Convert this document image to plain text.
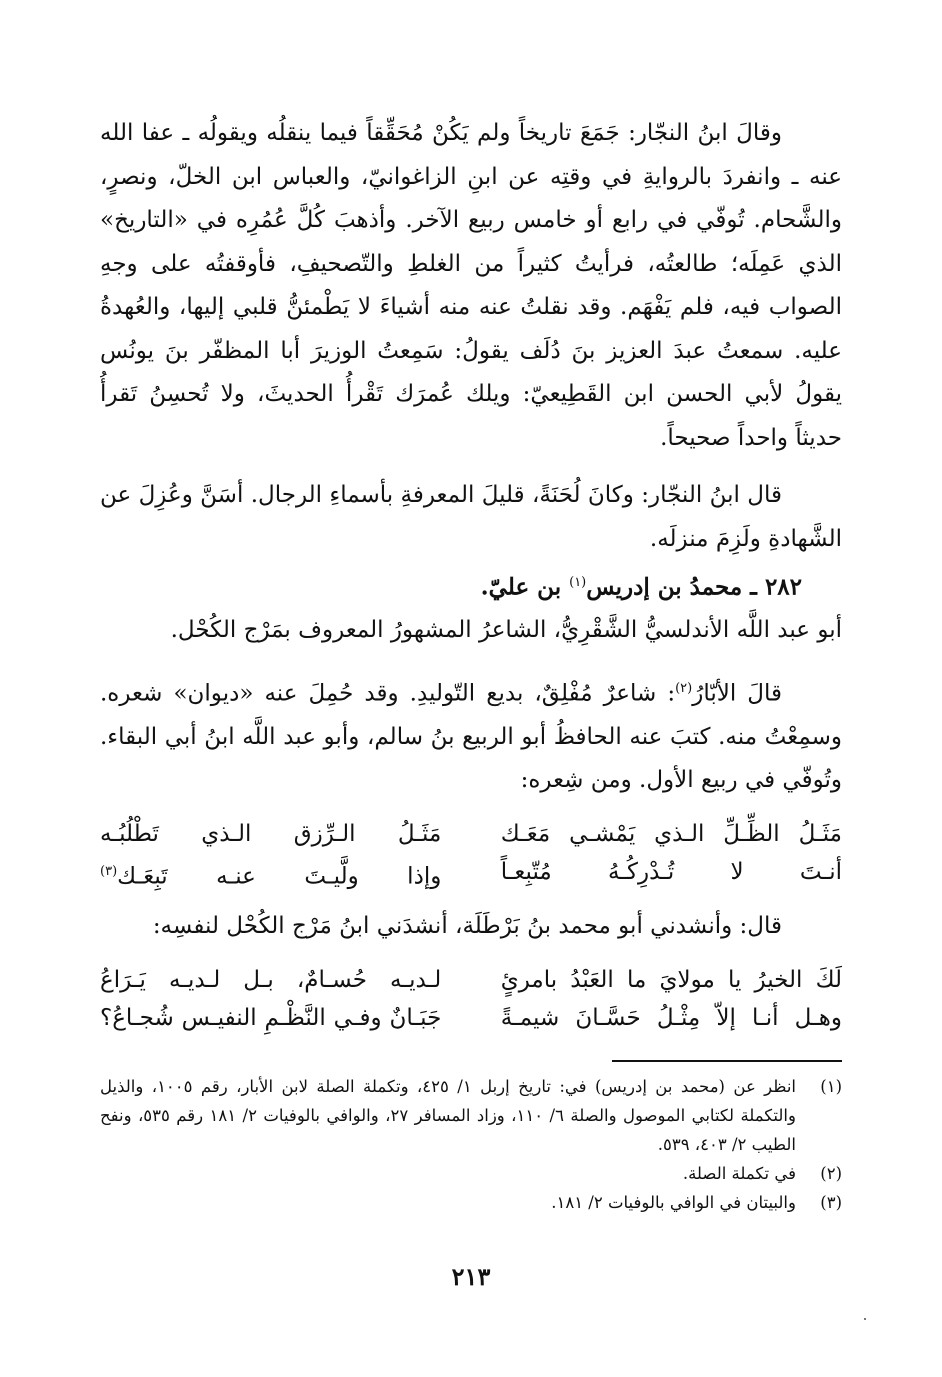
وقالَ ابنُ النجّار: جَمَعَ تاريخاً ولم يَكُنْ مُحَقِّقاً فيما ينقلُه ويقولُه ـ عفا الله عنه ـ وانفردَ بالروايةِ في وقتِه عن ابنِ الزاغوانيّ، والعباس ابن الخلّ، ونصرٍ، والشَّحام. تُوفّي في رابع أو خامس ربيع الآخر. وأذهبَ كُلَّ عُمُرِه في «التاريخ» الذي عَمِلَه؛ طالعتُه، فرأيتُ كثيراً من الغلطِ والتّصحيفِ، فأوقفتُه على وجهِ الصواب فيه، فلم يَفْهَم. وقد نقلتُ عنه منه أشياءَ لا يَطْمئنُّ قلبي إليها، والعُهدةُ عليه. سمعتُ عبدَ العزيز بنَ دُلَف يقولُ: سَمِعتُ الوزيرَ أبا المظفّر بنَ يونُس يقولُ لأبي الحسن ابن القَطِيعيّ: ويلك عُمرَك تَقْرأُ الحديثَ، ولا تُحسِنُ تَقرأُ حديثاً واحداً صحيحاً.

قال ابنُ النجّار: وكانَ لُحَنَةً، قليلَ المعرفةِ بأسماءِ الرجال. أسَنَّ وعُزِلَ عن الشَّهادةِ ولَزِمَ منزلَه.

٢٨٢ ـ محمدُ بن إدريس$^{(١)}$ بن عليّ.

أبو عبد اللَّه الأندلسيُّ الشَّقْرِيُّ، الشاعرُ المشهورُ المعروف بمَرْج الكُحْل.

قالَ الأبّارُ$^{(٢)}$: شاعرٌ مُفْلِقٌ، بديع التّوليدِ. وقد حُمِلَ عنه «ديوان» شعره. وسمِعْتُ منه. كتبَ عنه الحافظُ أبو الربيع بنُ سالم، وأبو عبد اللَّه ابنُ أبي البقاء. وتُوفّي في ربيع الأول. ومن شِعره:

مَثَـلُ الظِّـلِّ الـذي يَمْشـي مَعَـك
مَثَـلُ الـرِّزق الـذي تَطْلُبُـه
أنـتَ لا تُـدْرِكُـهُ مُتّبِعـاً
وإذا ولَّيـتَ عنـه تَبِعَـك$^{(٣)}$

قال: وأنشدني أبو محمد بنُ بَرْطَلَة، أنشدَني ابنُ مَرْج الكُحْل لنفسِه:

لَكَ الخيرُ يا مولايَ ما العَبْدُ بامرئٍ
لـديـه حُسـامٌ، بـل لـديـه يَـرَاعُ
وهـل أنـا إلاّ مِثْـلُ حَسَّـانَ شيمـةً
جَبَـانٌ وفـي النَّظْـمِ النفيـس شُجـاعُ؟
(١)
انظر عن (محمد بن إدريس) في: تاريخ إربل ١/ ٤٢٥، وتكملة الصلة لابن الأبار، رقم ١٠٠٥، والذيل والتكملة لكتابي الموصول والصلة ٦/ ١١٠، وزاد المسافر ٢٧، والوافي بالوفيات ٢/ ١٨١ رقم ٥٣٥، ونفح الطيب ٢/ ٤٠٣، ٥٣٩.
(٢)
في تكملة الصلة.
(٣)
والبيتان في الوافي بالوفيات ٢/ ١٨١.
٢١٣
